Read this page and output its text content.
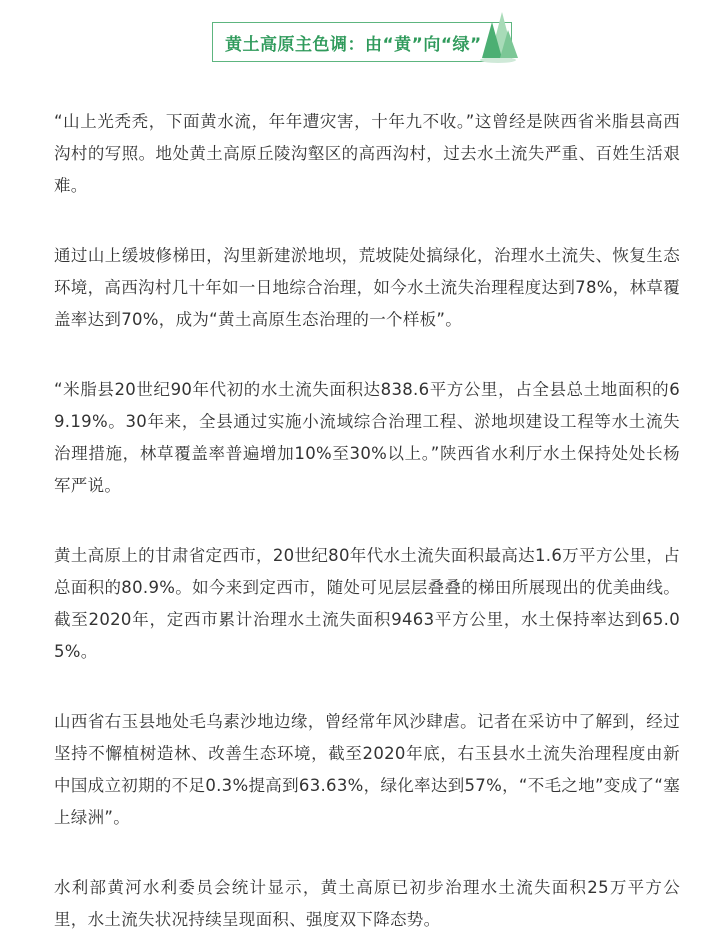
黄土高原主色调：由“黄”向“绿”

“山上光秃秃，下面黄水流，年年遭灾害，十年九不收。”这曾经是陕西省米脂县高西沟村的写照。地处黄土高原丘陵沟壑区的高西沟村，过去水土流失严重、百姓生活艰难。

通过山上缓坡修梯田，沟里新建淤地坝，荒坡陡处搞绿化，治理水土流失、恢复生态环境，高西沟村几十年如一日地综合治理，如今水土流失治理程度达到78%，林草覆盖率达到70%，成为“黄土高原生态治理的一个样板”。

“米脂县20世纪90年代初的水土流失面积达838.6平方公里，占全县总土地面积的69.19%。30年来，全县通过实施小流域综合治理工程、淤地坝建设工程等水土流失治理措施，林草覆盖率普遍增加10%至30%以上。”陕西省水利厅水土保持处处长杨军严说。

黄土高原上的甘肃省定西市，20世纪80年代水土流失面积最高达1.6万平方公里，占总面积的80.9%。如今来到定西市，随处可见层层叠叠的梯田所展现出的优美曲线。截至2020年，定西市累计治理水土流失面积9463平方公里，水土保持率达到65.05%。

山西省右玉县地处毛乌素沙地边缘，曾经常年风沙肆虐。记者在采访中了解到，经过坚持不懈植树造林、改善生态环境，截至2020年底，右玉县水土流失治理程度由新中国成立初期的不足0.3%提高到63.63%，绿化率达到57%，“不毛之地”变成了“塞上绿洲”。

水利部黄河水利委员会统计显示，黄土高原已初步治理水土流失面积25万平方公里，水土流失状况持续呈现面积、强度双下降态势。
